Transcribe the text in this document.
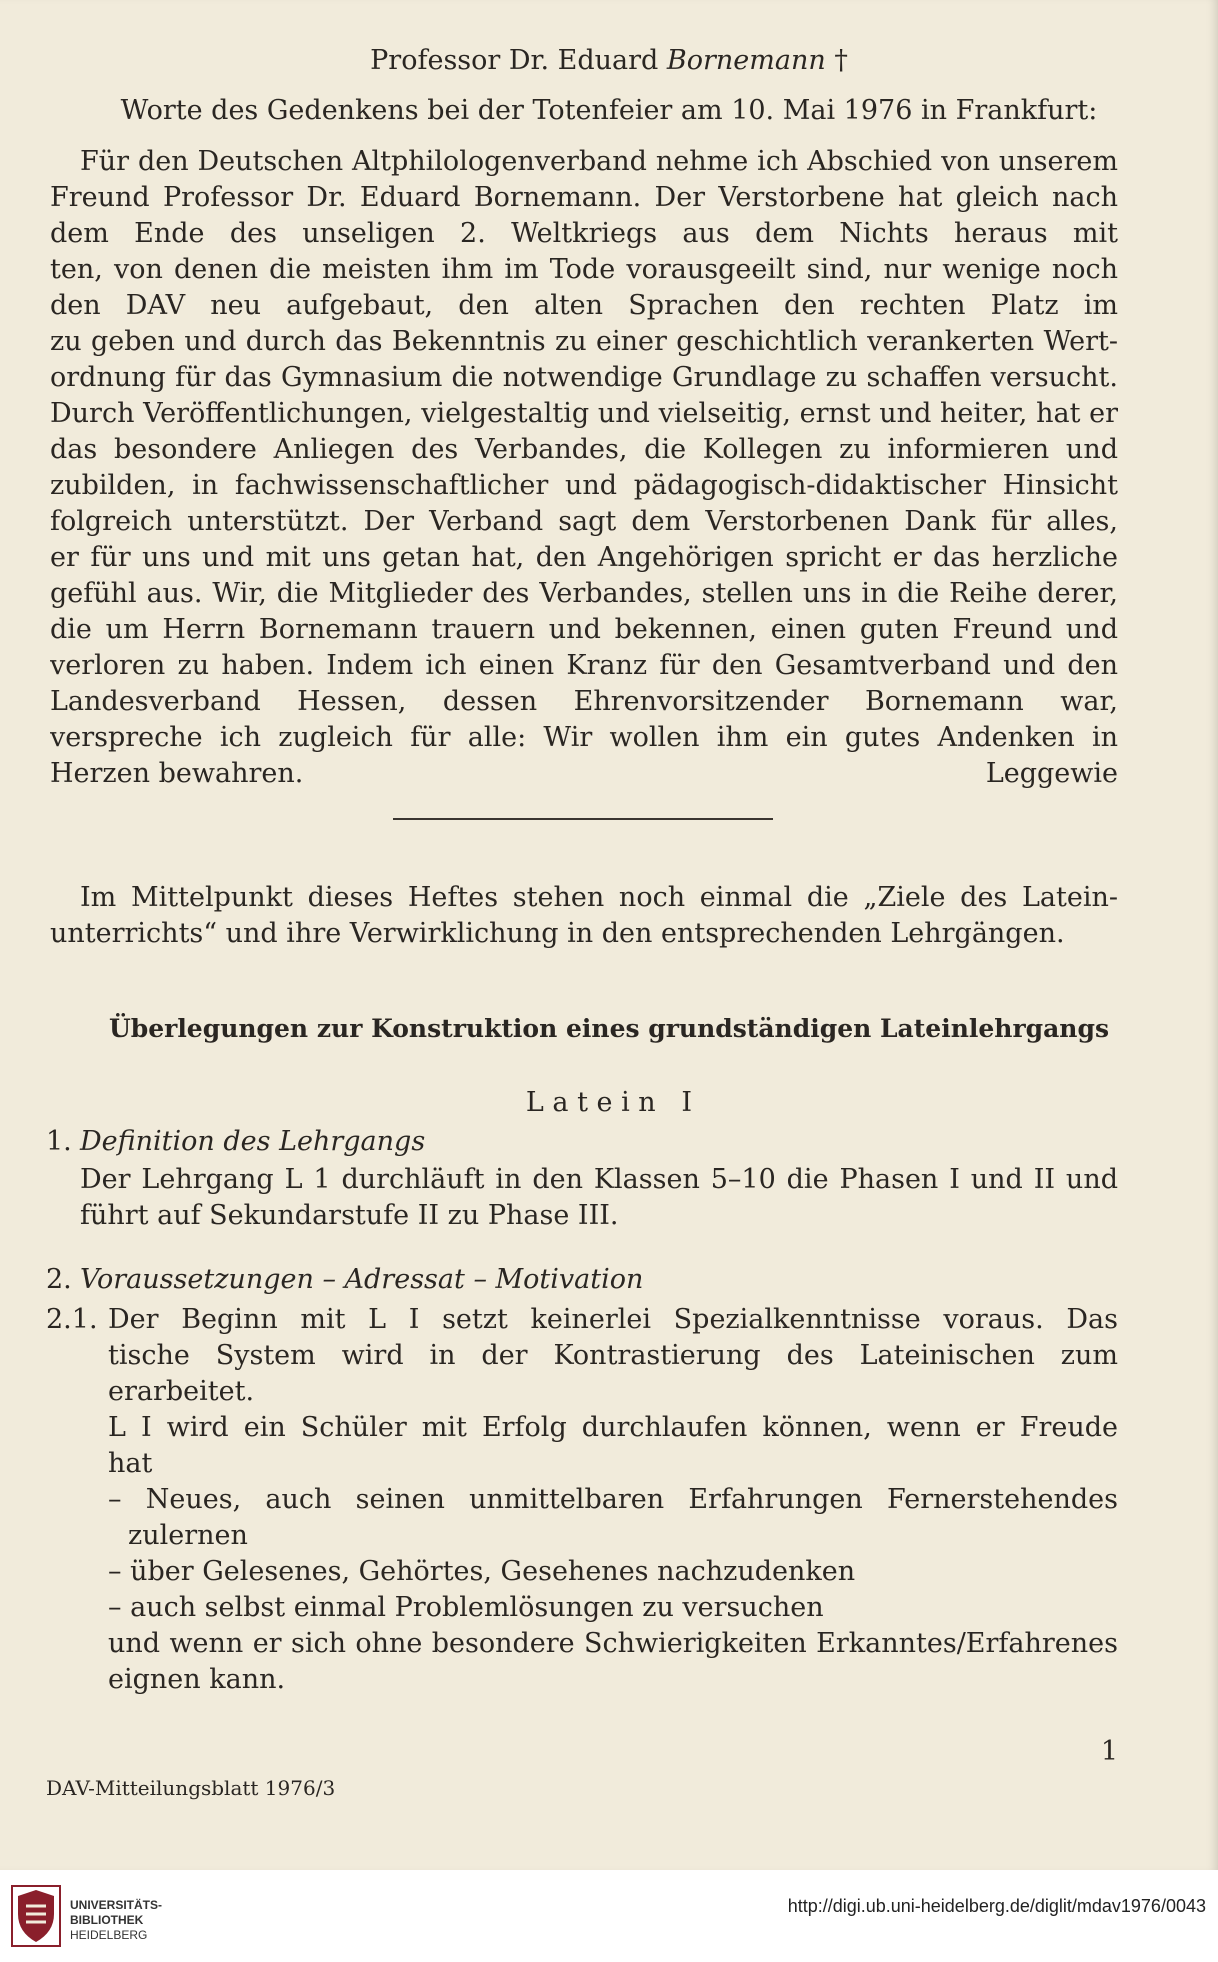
Professor Dr. Eduard Bornemann †
Worte des Gedenkens bei der Totenfeier am 10. Mai 1976 in Frankfurt:
Für den Deutschen Altphilologenverband nehme ich Abschied von unserem
Freund Professor Dr. Eduard Bornemann. Der Verstorbene hat gleich nach
dem Ende des unseligen 2. Weltkriegs aus dem Nichts heraus mit
ten, von denen die meisten ihm im Tode vorausgeeilt sind, nur wenige noch
den DAV neu aufgebaut, den alten Sprachen den rechten Platz im
zu geben und durch das Bekenntnis zu einer geschichtlich verankerten Wert-
ordnung für das Gymnasium die notwendige Grundlage zu schaffen versucht.
Durch Veröffentlichungen, vielgestaltig und vielseitig, ernst und heiter, hat er
das besondere Anliegen des Verbandes, die Kollegen zu informieren und
zubilden, in fachwissenschaftlicher und pädagogisch-didaktischer Hinsicht
folgreich unterstützt. Der Verband sagt dem Verstorbenen Dank für alles,
er für uns und mit uns getan hat, den Angehörigen spricht er das herzliche
gefühl aus. Wir, die Mitglieder des Verbandes, stellen uns in die Reihe derer,
die um Herrn Bornemann trauern und bekennen, einen guten Freund und
verloren zu haben. Indem ich einen Kranz für den Gesamtverband und den
Landesverband Hessen, dessen Ehrenvorsitzender Bornemann war,
verspreche ich zugleich für alle: Wir wollen ihm ein gutes Andenken in
Herzen bewahren.	Leggewie
Im Mittelpunkt dieses Heftes stehen noch einmal die „Ziele des Latein-
unterrichts“ und ihre Verwirklichung in den entsprechenden Lehrgängen.
Überlegungen zur Konstruktion eines grundständigen Lateinlehrgangs
L a t e i n   I
1. Definition des Lehrgangs
Der Lehrgang L 1 durchläuft in den Klassen 5–10 die Phasen I und II und
führt auf Sekundarstufe II zu Phase III.
2. Voraussetzungen – Adressat – Motivation
2.1. Der Beginn mit L I setzt keinerlei Spezialkenntnisse voraus. Das
tische System wird in der Kontrastierung des Lateinischen zum
erarbeitet.
L I wird ein Schüler mit Erfolg durchlaufen können, wenn er Freude
hat
– Neues, auch seinen unmittelbaren Erfahrungen Fernerstehendes
zulernen
– über Gelesenes, Gehörtes, Gesehenes nachzudenken
– auch selbst einmal Problemlösungen zu versuchen
und wenn er sich ohne besondere Schwierigkeiten Erkanntes/Erfahrenes
eignen kann.
1
DAV-Mitteilungsblatt 1976/3
UNIVERSITÄTS-
BIBLIOTHEK
HEIDELBERG
http://digi.ub.uni-heidelberg.de/diglit/mdav1976/0043
